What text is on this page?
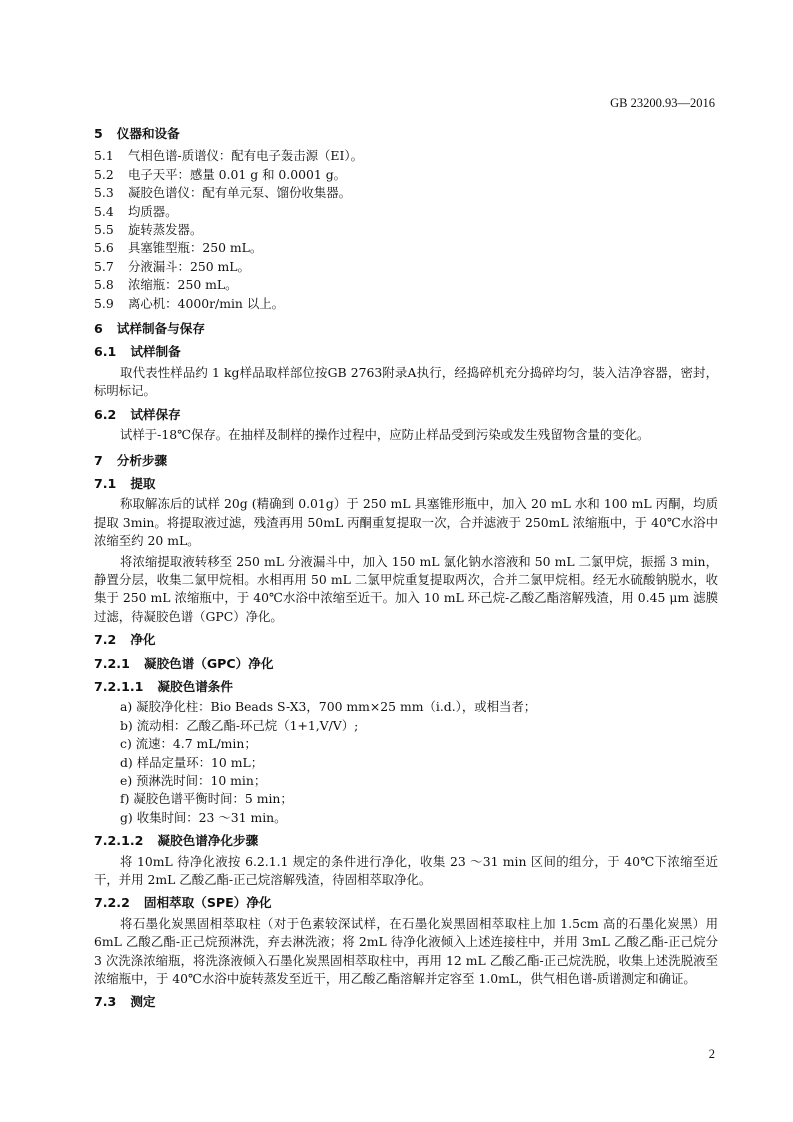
GB 23200.93—2016
5 仪器和设备
5.1 气相色谱-质谱仪：配有电子轰击源（EI）。
5.2 电子天平：感量 0.01 g 和 0.0001 g。
5.3 凝胶色谱仪：配有单元泵、馏份收集器。
5.4 均质器。
5.5 旋转蒸发器。
5.6 具塞锥型瓶：250 mL。
5.7 分液漏斗：250 mL。
5.8 浓缩瓶：250 mL。
5.9 离心机：4000r/min 以上。
6 试样制备与保存
6.1 试样制备
取代表性样品约 1 kg样品取样部位按GB 2763附录A执行，经捣碎机充分捣碎均匀，装入洁净容器，密封，标明标记。
6.2 试样保存
试样于-18℃保存。在抽样及制样的操作过程中，应防止样品受到污染或发生残留物含量的变化。
7 分析步骤
7.1 提取
称取解冻后的试样 20g (精确到 0.01g）于 250 mL 具塞锥形瓶中，加入 20 mL 水和 100 mL 丙酮，均质提取 3min。将提取液过滤，残渣再用 50mL 丙酮重复提取一次，合并滤液于 250mL 浓缩瓶中，于 40℃水浴中浓缩至约 20 mL。
将浓缩提取液转移至 250 mL 分液漏斗中，加入 150 mL 氯化钠水溶液和 50 mL 二氯甲烷，振摇 3 min，静置分层，收集二氯甲烷相。水相再用 50 mL 二氯甲烷重复提取两次，合并二氯甲烷相。经无水硫酸钠脱水，收集于 250 mL 浓缩瓶中，于 40℃水浴中浓缩至近干。加入 10 mL 环己烷-乙酸乙酯溶解残渣，用 0.45 μm 滤膜过滤，待凝胶色谱（GPC）净化。
7.2 净化
7.2.1 凝胶色谱（GPC）净化
7.2.1.1 凝胶色谱条件
a) 凝胶净化柱：Bio Beads S-X3，700 mm×25 mm（i.d.），或相当者；
b) 流动相：乙酸乙酯-环己烷（1+1,V/V）;
c) 流速：4.7 mL/min；
d) 样品定量环：10 mL；
e) 预淋洗时间：10 min；
f) 凝胶色谱平衡时间：5 min；
g) 收集时间：23 ～31 min。
7.2.1.2 凝胶色谱净化步骤
将 10mL 待净化液按 6.2.1.1 规定的条件进行净化，收集 23 ～31 min 区间的组分，于 40℃下浓缩至近干，并用 2mL 乙酸乙酯-正己烷溶解残渣，待固相萃取净化。
7.2.2 固相萃取（SPE）净化
将石墨化炭黑固相萃取柱（对于色素较深试样，在石墨化炭黑固相萃取柱上加 1.5cm 高的石墨化炭黑）用 6mL 乙酸乙酯-正己烷预淋洗，弃去淋洗液；将 2mL 待净化液倾入上述连接柱中，并用 3mL 乙酸乙酯-正己烷分 3 次洗涤浓缩瓶，将洗涤液倾入石墨化炭黑固相萃取柱中，再用 12 mL 乙酸乙酯-正己烷洗脱，收集上述洗脱液至浓缩瓶中，于 40℃水浴中旋转蒸发至近干，用乙酸乙酯溶解并定容至 1.0mL，供气相色谱-质谱测定和确证。
7.3 测定
2
